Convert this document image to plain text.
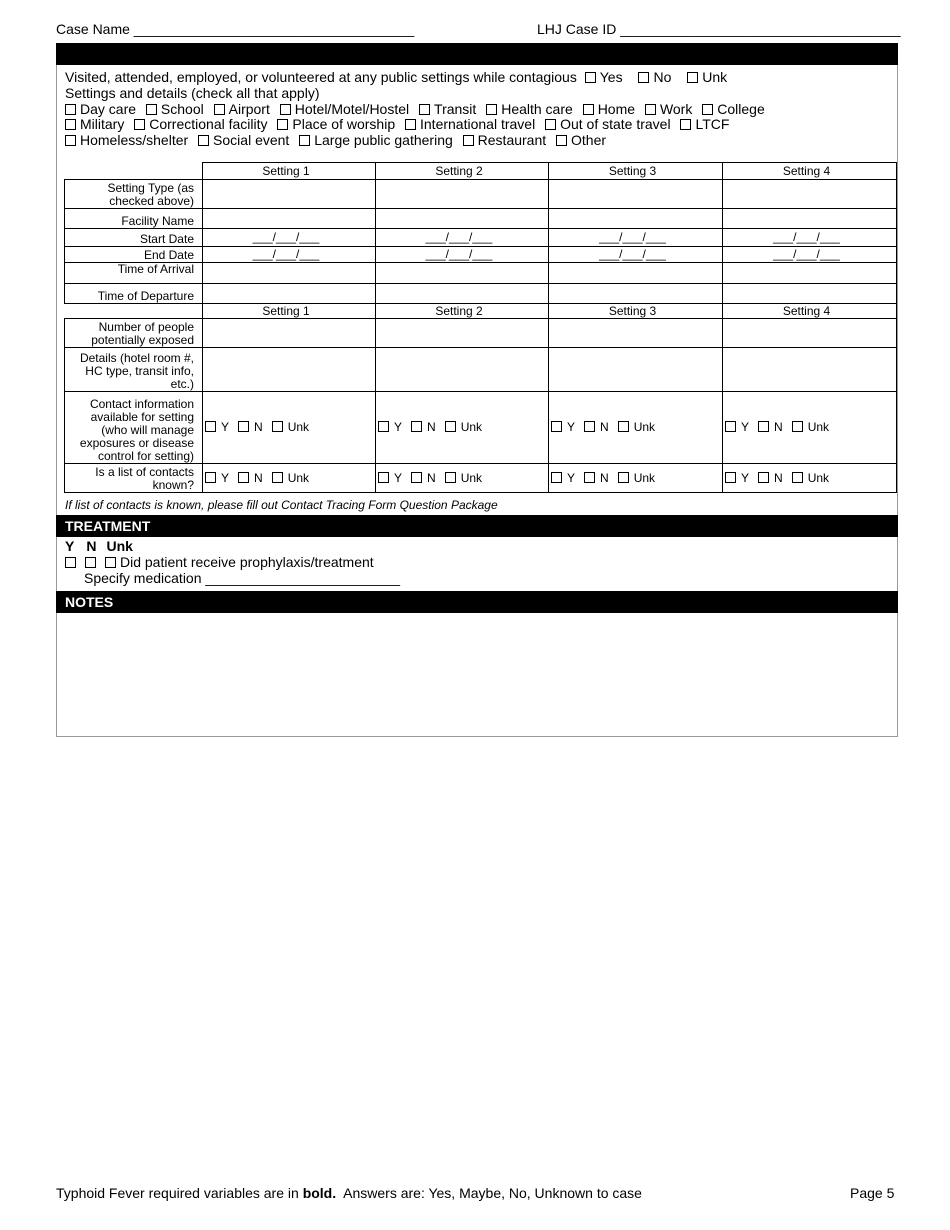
Case Name ____________________________________	LHJ Case ID ____________________________________
Visited, attended, employed, or volunteered at any public settings while contagious Yes No Unk
Settings and details (check all that apply)
Day care School Airport Hotel/Motel/Hostel Transit Health care Home Work College
Military Correctional facility Place of worship International travel Out of state travel LTCF
Homeless/shelter Social event Large public gathering Restaurant Other
	Setting 1	Setting 2	Setting 3	Setting 4
Setting Type (as checked above)				
Facility Name				
Start Date	___/___/___	___/___/___	___/___/___	___/___/___
End Date	___/___/___	___/___/___	___/___/___	___/___/___
Time of Arrival				
Time of Departure				
	Setting 1	Setting 2	Setting 3	Setting 4
Number of people potentially exposed				
Details (hotel room #, HC type, transit info, etc.)				
Contact information available for setting (who will manage exposures or disease control for setting)	Y N Unk	Y N Unk	Y N Unk	Y N Unk
Is a list of contacts known?	Y N Unk	Y N Unk	Y N Unk	Y N Unk
If list of contacts is known, please fill out Contact Tracing Form Question Package
TREATMENT
Y N Unk
Did patient receive prophylaxis/treatment
Specify medication _________________________
NOTES
Typhoid Fever required variables are in bold.  Answers are: Yes, Maybe, No, Unknown to case	Page 5
